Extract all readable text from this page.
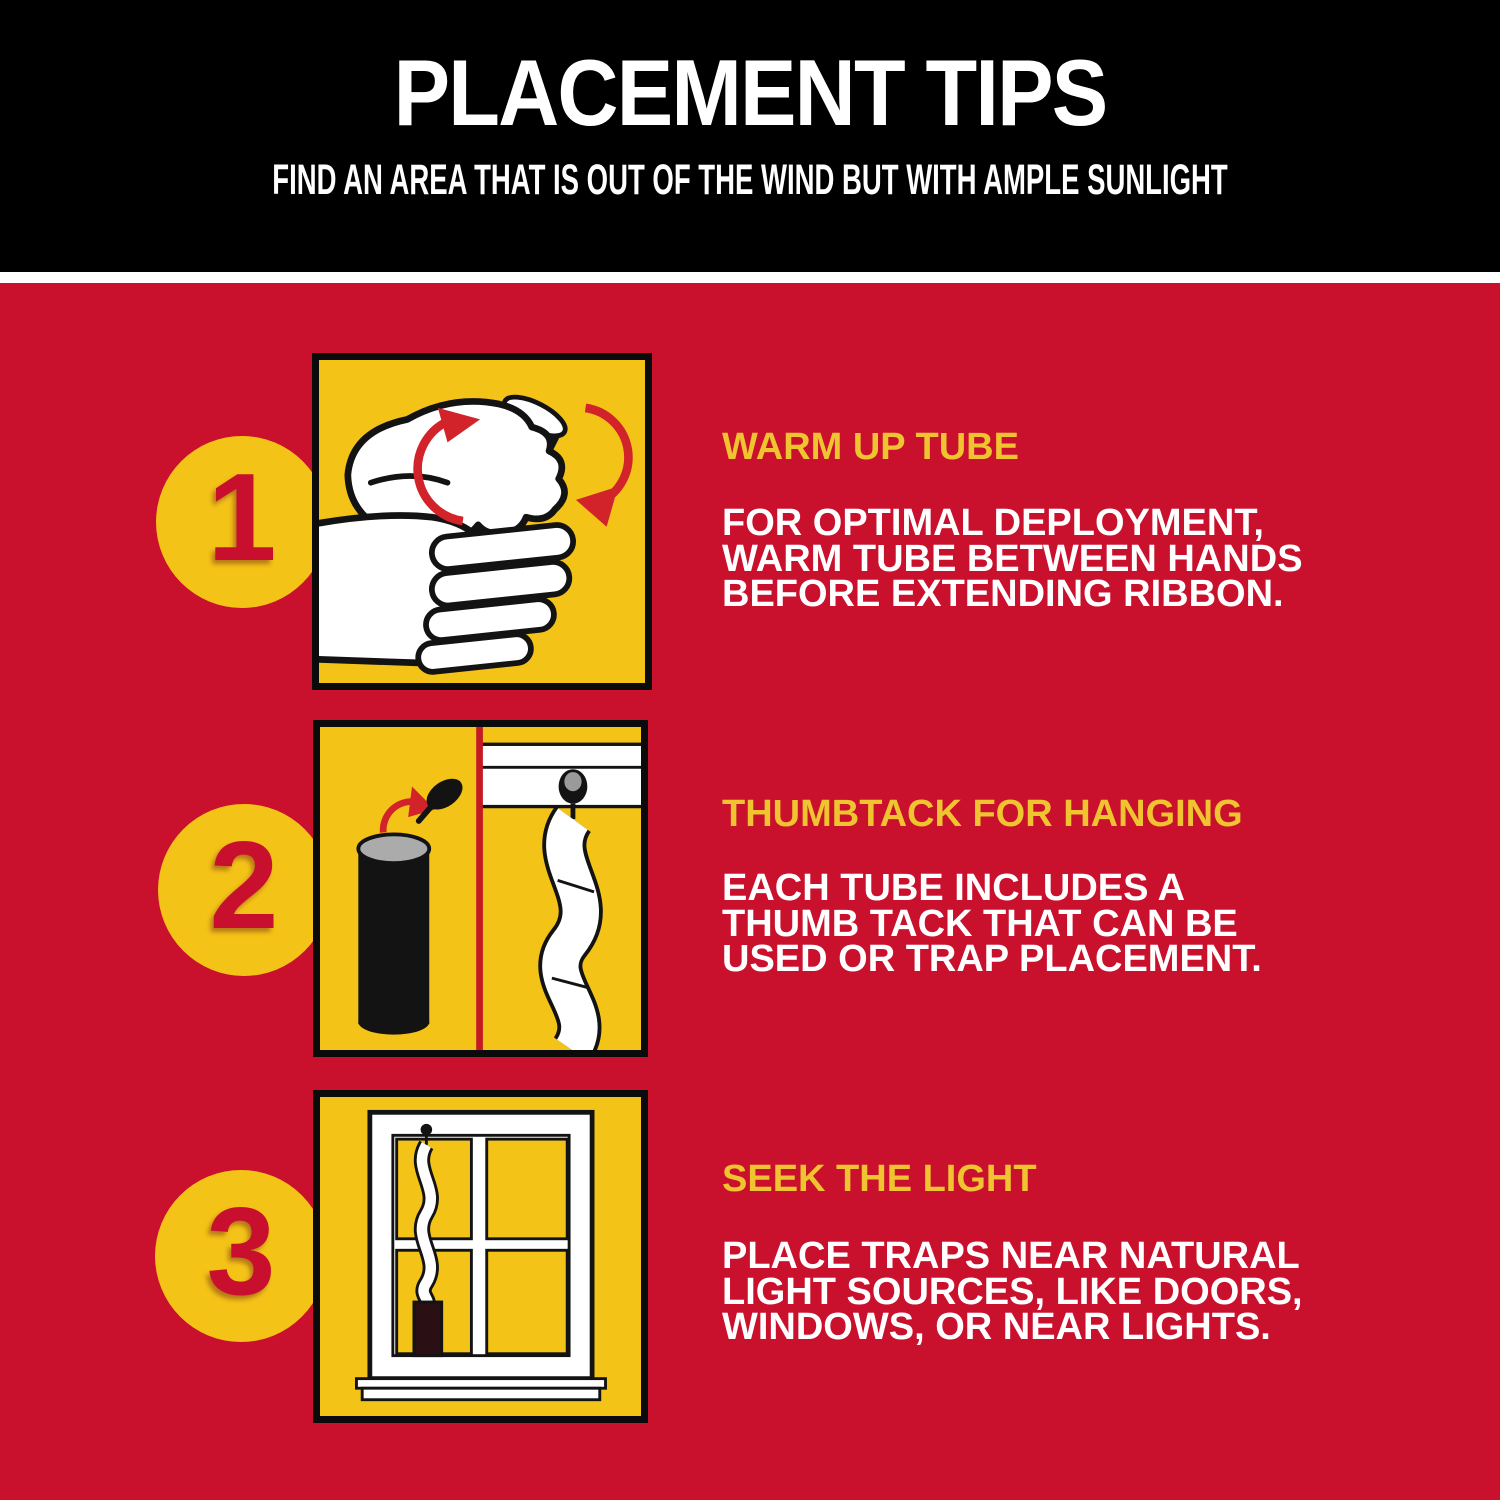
PLACEMENT TIPS
FIND AN AREA THAT IS OUT OF THE WIND BUT WITH AMPLE SUNLIGHT
1
WARM UP TUBE
FOR OPTIMAL DEPLOYMENT,
WARM TUBE BETWEEN HANDS
BEFORE EXTENDING RIBBON.
2
THUMBTACK FOR HANGING
EACH TUBE INCLUDES A
THUMB TACK THAT CAN BE
USED OR TRAP PLACEMENT.
3
SEEK THE LIGHT
PLACE TRAPS NEAR NATURAL
LIGHT SOURCES, LIKE DOORS,
WINDOWS, OR NEAR LIGHTS.
